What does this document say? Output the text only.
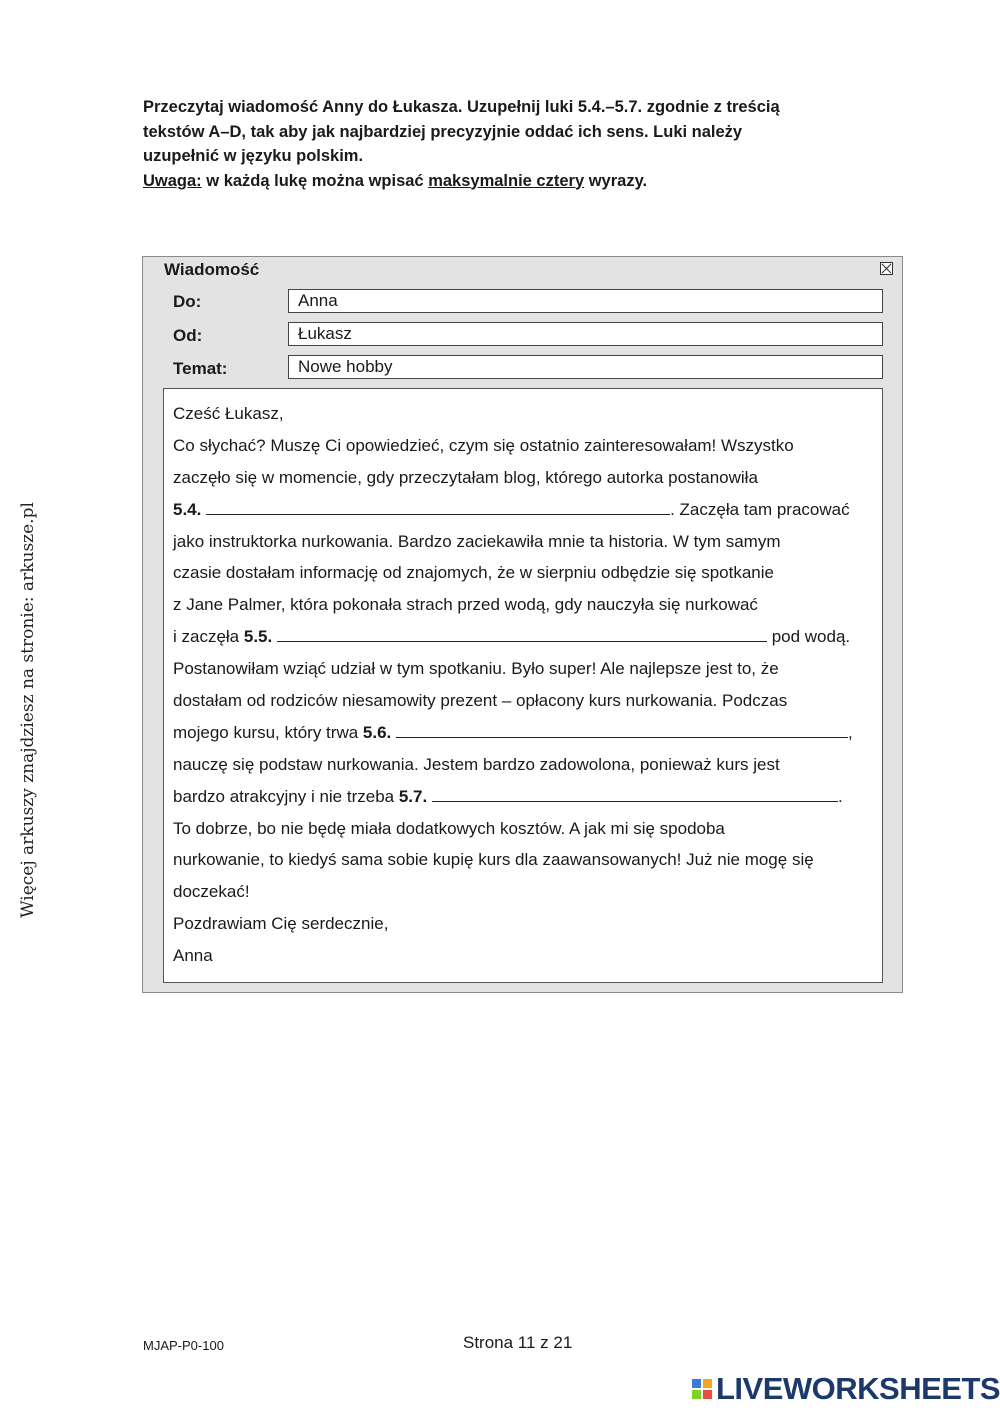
Przeczytaj wiadomość Anny do Łukasza. Uzupełnij luki 5.4.–5.7. zgodnie z treścią

tekstów A–D, tak aby jak najbardziej precyzyjnie oddać ich sens. Luki należy

uzupełnić w języku polskim.

Uwaga: w każdą lukę można wpisać maksymalnie cztery wyrazy.

Więcej arkuszy znajdziesz na stronie: arkusze.pl
Wiadomość
Do:	Anna
Od:	Łukasz
Temat:	Nowe hobby
Cześć Łukasz,
Co słychać? Muszę Ci opowiedzieć, czym się ostatnio zainteresowałam! Wszystko
zaczęło się w momencie, gdy przeczytałam blog, którego autorka postanowiła
5.4.	. Zaczęła tam pracować
jako instruktorka nurkowania. Bardzo zaciekawiła mnie ta historia. W tym samym
czasie dostałam informację od znajomych, że w sierpniu odbędzie się spotkanie
z Jane Palmer, która pokonała strach przed wodą, gdy nauczyła się nurkować
i zaczęła 5.5.	pod wodą.
Postanowiłam wziąć udział w tym spotkaniu. Było super! Ale najlepsze jest to, że
dostałam od rodziców niesamowity prezent – opłacony kurs nurkowania. Podczas
mojego kursu, który trwa 5.6.	,
nauczę się podstaw nurkowania. Jestem bardzo zadowolona, ponieważ kurs jest
bardzo atrakcyjny i nie trzeba 5.7.	.
To dobrze, bo nie będę miała dodatkowych kosztów. A jak mi się spodoba
nurkowanie, to kiedyś sama sobie kupię kurs dla zaawansowanych! Już nie mogę się
doczekać!
Pozdrawiam Cię serdecznie,
Anna
MJAP-P0-100	Strona 11 z 21
LIVEWORKSHEETS
